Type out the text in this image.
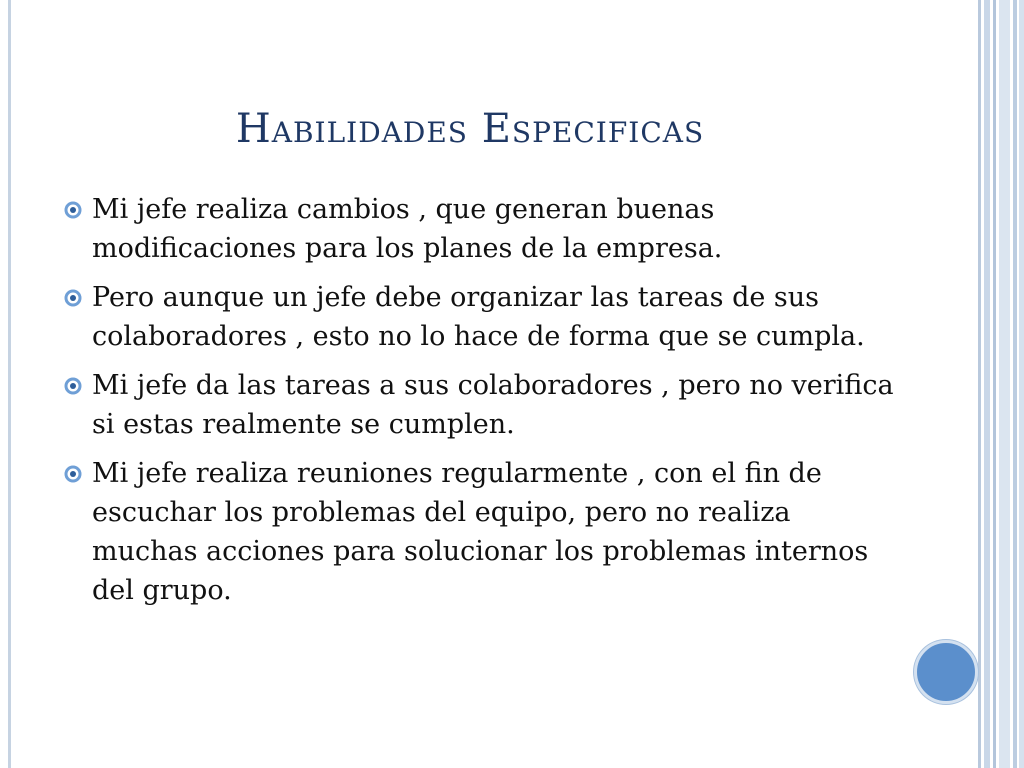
Habilidades Especificas
Mi jefe realiza cambios , que generan buenas modificaciones para los planes de la empresa.
Pero aunque un jefe debe organizar las tareas de sus colaboradores , esto no lo hace de forma que se cumpla.
Mi jefe da las tareas a sus colaboradores , pero no verifica si estas realmente se cumplen.
Mi jefe realiza reuniones regularmente , con el fin de escuchar los problemas del equipo, pero no realiza muchas acciones para solucionar los problemas internos del grupo.
